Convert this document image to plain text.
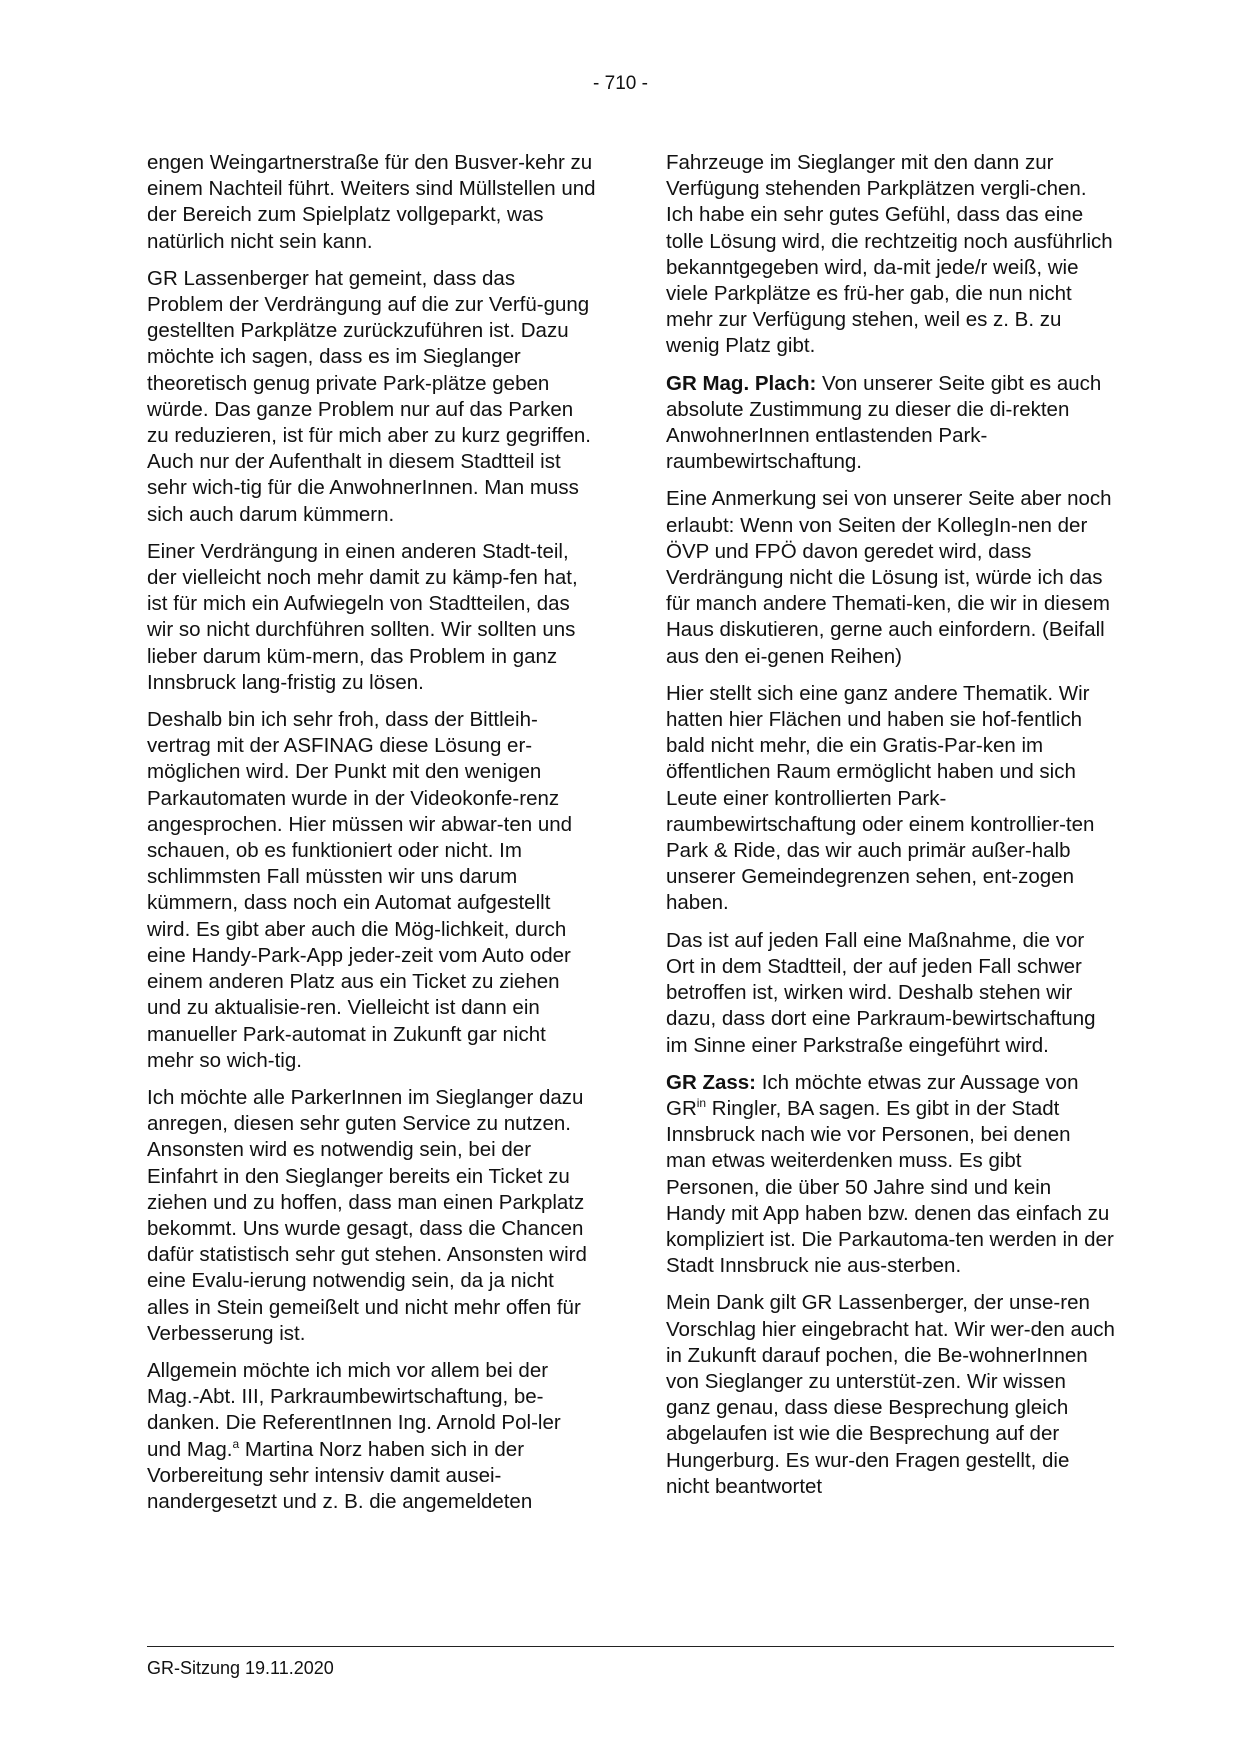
- 710 -

engen Weingartnerstraße für den Busver-kehr zu einem Nachteil führt. Weiters sind Müllstellen und der Bereich zum Spielplatz vollgeparkt, was natürlich nicht sein kann.

GR Lassenberger hat gemeint, dass das Problem der Verdrängung auf die zur Verfü-gung gestellten Parkplätze zurückzuführen ist. Dazu möchte ich sagen, dass es im Sieglanger theoretisch genug private Park-plätze geben würde. Das ganze Problem nur auf das Parken zu reduzieren, ist für mich aber zu kurz gegriffen. Auch nur der Aufenthalt in diesem Stadtteil ist sehr wich-tig für die AnwohnerInnen. Man muss sich auch darum kümmern.

Einer Verdrängung in einen anderen Stadt-teil, der vielleicht noch mehr damit zu kämp-fen hat, ist für mich ein Aufwiegeln von Stadtteilen, das wir so nicht durchführen sollten. Wir sollten uns lieber darum küm-mern, das Problem in ganz Innsbruck lang-fristig zu lösen.

Deshalb bin ich sehr froh, dass der Bittleih-vertrag mit der ASFINAG diese Lösung er-möglichen wird. Der Punkt mit den wenigen Parkautomaten wurde in der Videokonfe-renz angesprochen. Hier müssen wir abwar-ten und schauen, ob es funktioniert oder nicht. Im schlimmsten Fall müssten wir uns darum kümmern, dass noch ein Automat aufgestellt wird. Es gibt aber auch die Mög-lichkeit, durch eine Handy-Park-App jeder-zeit vom Auto oder einem anderen Platz aus ein Ticket zu ziehen und zu aktualisie-ren. Vielleicht ist dann ein manueller Park-automat in Zukunft gar nicht mehr so wich-tig.

Ich möchte alle ParkerInnen im Sieglanger dazu anregen, diesen sehr guten Service zu nutzen. Ansonsten wird es notwendig sein, bei der Einfahrt in den Sieglanger bereits ein Ticket zu ziehen und zu hoffen, dass man einen Parkplatz bekommt. Uns wurde gesagt, dass die Chancen dafür statistisch sehr gut stehen. Ansonsten wird eine Evalu-ierung notwendig sein, da ja nicht alles in Stein gemeißelt und nicht mehr offen für Verbesserung ist.

Allgemein möchte ich mich vor allem bei der Mag.-Abt. III, Parkraumbewirtschaftung, be-danken. Die ReferentInnen Ing. Arnold Pol-ler und Mag.$^a$ Martina Norz haben sich in der Vorbereitung sehr intensiv damit ausei-nandergesetzt und z. B. die angemeldeten

Fahrzeuge im Sieglanger mit den dann zur Verfügung stehenden Parkplätzen vergli-chen. Ich habe ein sehr gutes Gefühl, dass das eine tolle Lösung wird, die rechtzeitig noch ausführlich bekanntgegeben wird, da-mit jede/r weiß, wie viele Parkplätze es frü-her gab, die nun nicht mehr zur Verfügung stehen, weil es z. B. zu wenig Platz gibt.

GR Mag. Plach: Von unserer Seite gibt es auch absolute Zustimmung zu dieser die di-rekten AnwohnerInnen entlastenden Park-raumbewirtschaftung.

Eine Anmerkung sei von unserer Seite aber noch erlaubt: Wenn von Seiten der KollegIn-nen der ÖVP und FPÖ davon geredet wird, dass Verdrängung nicht die Lösung ist, würde ich das für manch andere Themati-ken, die wir in diesem Haus diskutieren, gerne auch einfordern. (Beifall aus den ei-genen Reihen)

Hier stellt sich eine ganz andere Thematik. Wir hatten hier Flächen und haben sie hof-fentlich bald nicht mehr, die ein Gratis-Par-ken im öffentlichen Raum ermöglicht haben und sich Leute einer kontrollierten Park-raumbewirtschaftung oder einem kontrollier-ten Park & Ride, das wir auch primär außer-halb unserer Gemeindegrenzen sehen, ent-zogen haben.

Das ist auf jeden Fall eine Maßnahme, die vor Ort in dem Stadtteil, der auf jeden Fall schwer betroffen ist, wirken wird. Deshalb stehen wir dazu, dass dort eine Parkraum-bewirtschaftung im Sinne einer Parkstraße eingeführt wird.

GR Zass: Ich möchte etwas zur Aussage von $GR^{in}$ Ringler, BA sagen. Es gibt in der Stadt Innsbruck nach wie vor Personen, bei denen man etwas weiterdenken muss. Es gibt Personen, die über 50 Jahre sind und kein Handy mit App haben bzw. denen das einfach zu kompliziert ist. Die Parkautoma-ten werden in der Stadt Innsbruck nie aus-sterben.

Mein Dank gilt GR Lassenberger, der unse-ren Vorschlag hier eingebracht hat. Wir wer-den auch in Zukunft darauf pochen, die Be-wohnerInnen von Sieglanger zu unterstüt-zen. Wir wissen ganz genau, dass diese Besprechung gleich abgelaufen ist wie die Besprechung auf der Hungerburg. Es wur-den Fragen gestellt, die nicht beantwortet

GR-Sitzung 19.11.2020
